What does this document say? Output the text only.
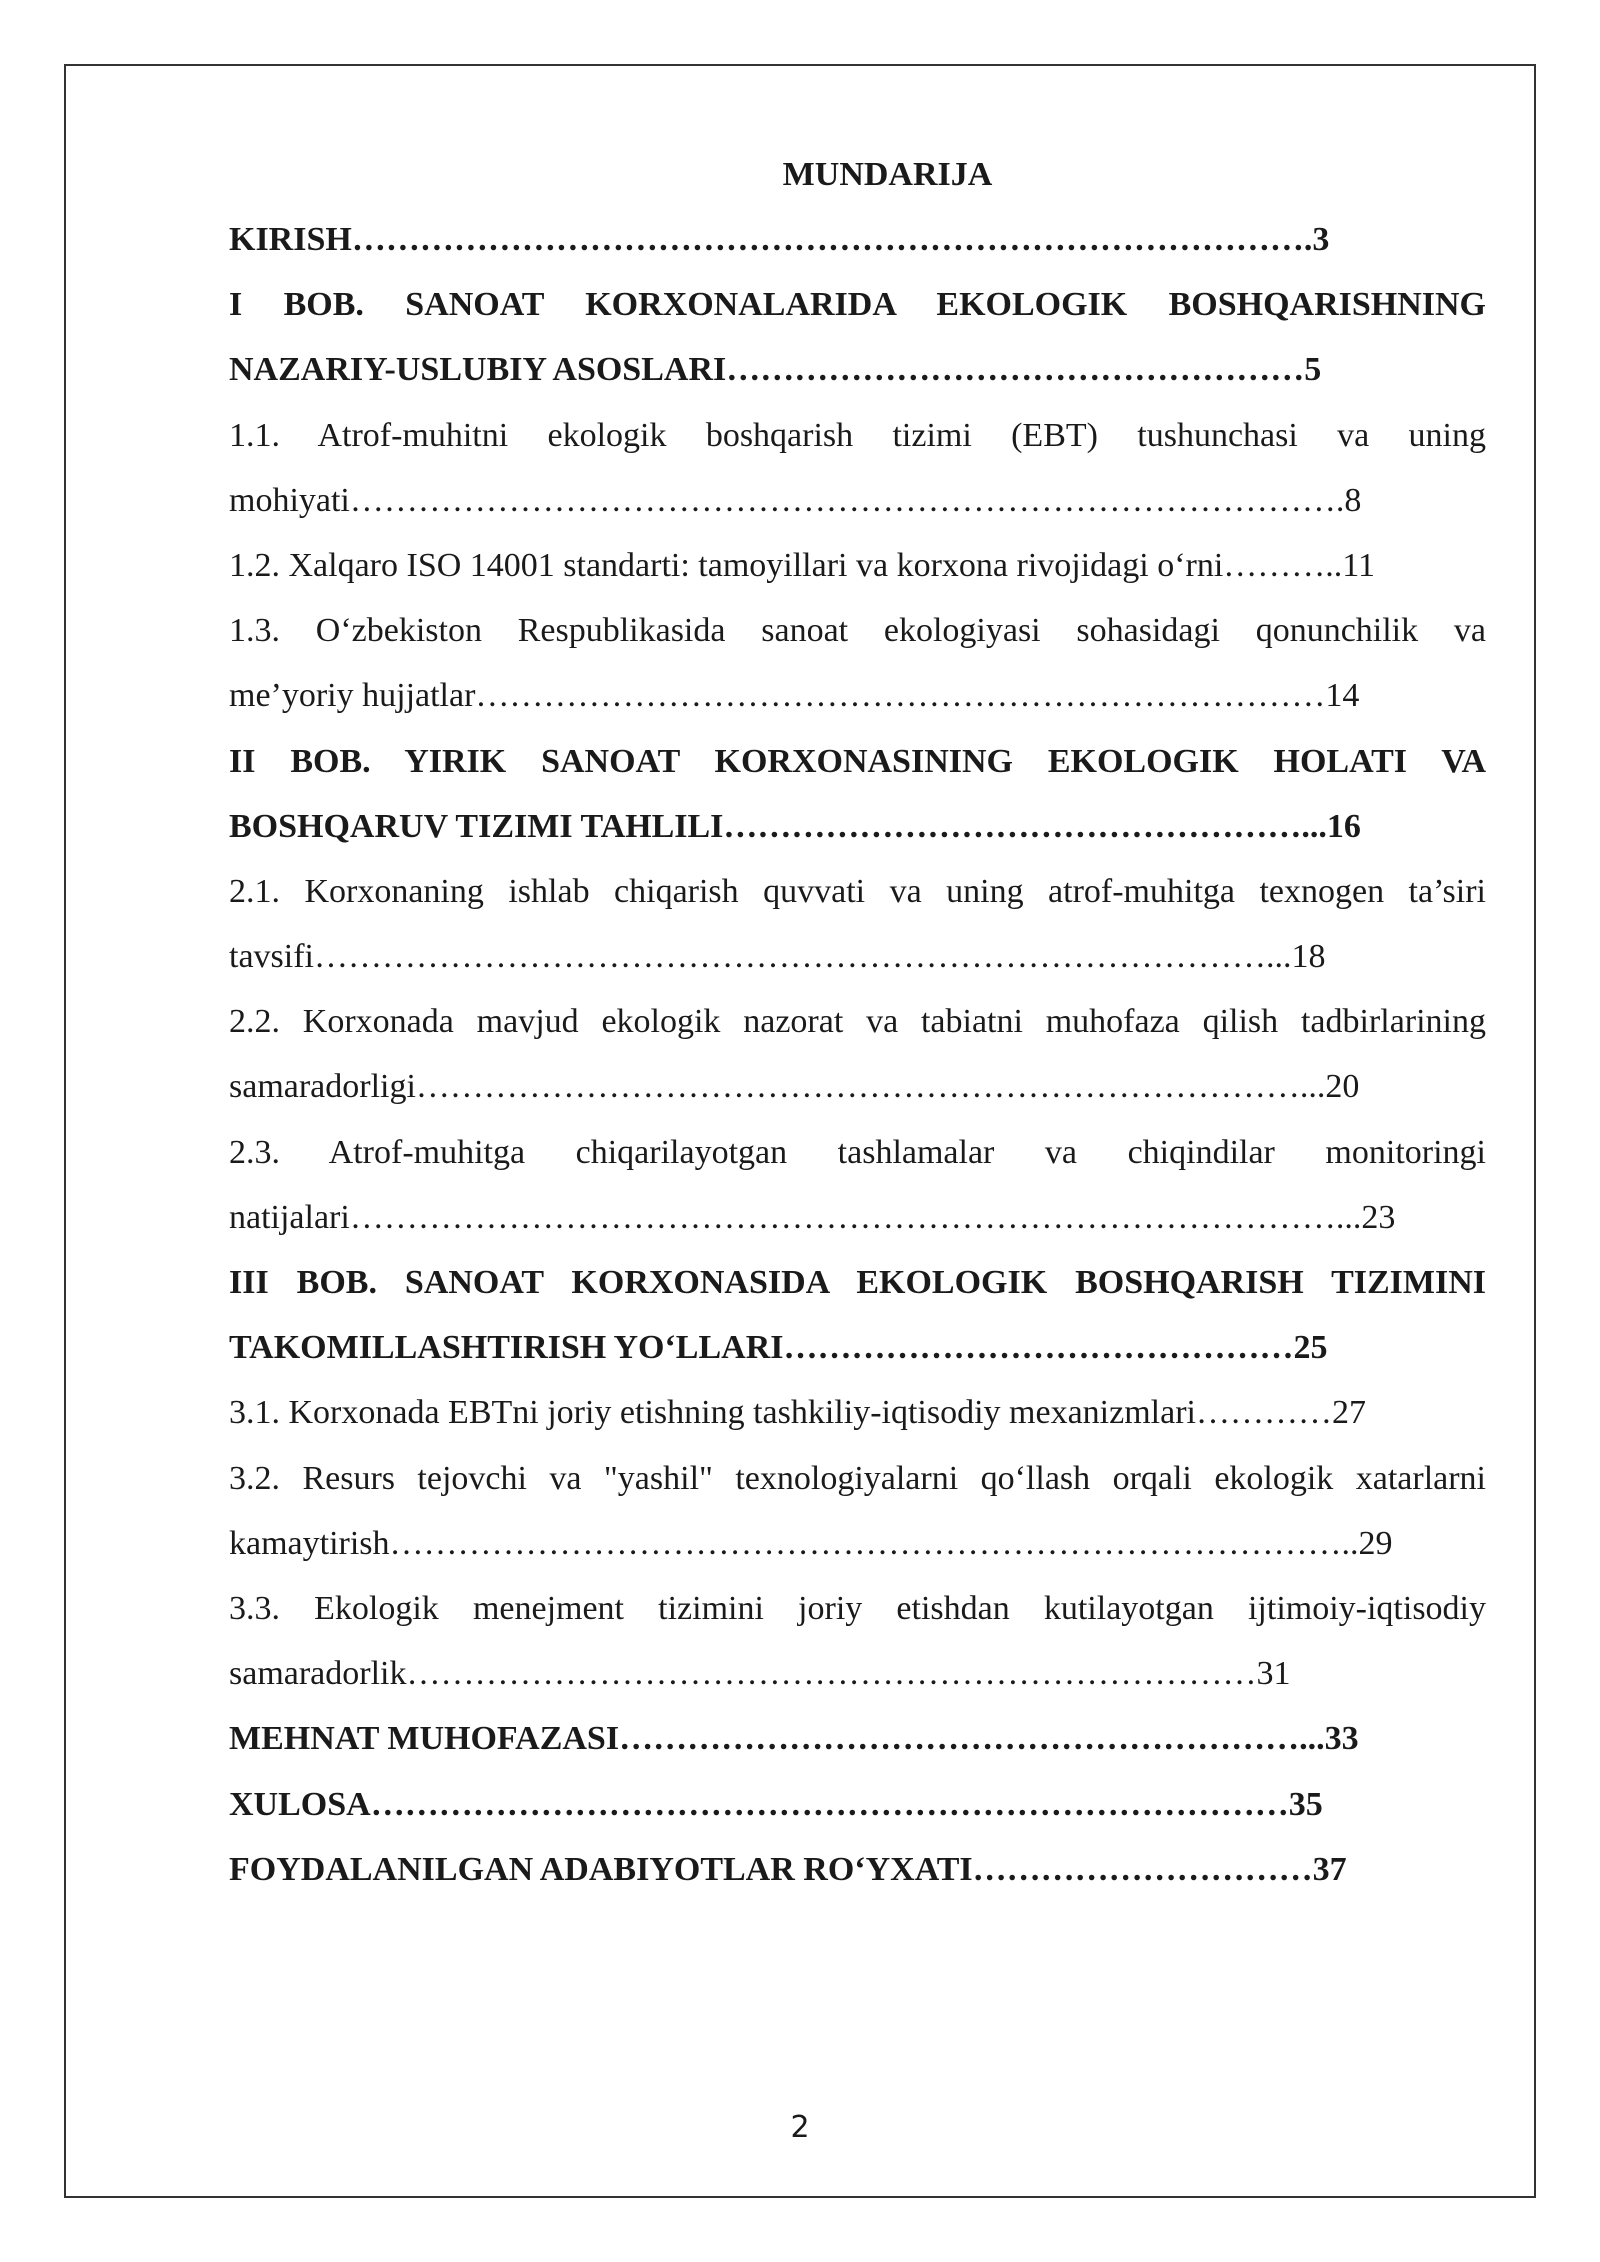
MUNDARIJA
KIRISH………………………………………………………………………….3
I BOB. SANOAT KORXONALARIDA EKOLOGIK BOSHQARISHNING
NAZARIY-USLUBIY ASOSLARI……………………………………………5
1.1. Atrof-muhitni ekologik boshqarish tizimi (EBT) tushunchasi va uning
mohiyati…………………………………………………………………………….8
1.2. Xalqaro ISO 14001 standarti: tamoyillari va korxona rivojidagi o‘rni………..11
1.3. O‘zbekiston Respublikasida sanoat ekologiyasi sohasidagi qonunchilik va
me’yoriy hujjatlar…………………………………………………………………14
II BOB. YIRIK SANOAT KORXONASINING EKOLOGIK HOLATI VA
BOSHQARUV TIZIMI TAHLILI……………………………………………...16
2.1. Korxonaning ishlab chiqarish quvvati va uning atrof-muhitga texnogen ta’siri
tavsifi…………………………………………………………………………...18
2.2. Korxonada mavjud ekologik nazorat va tabiatni muhofaza qilish tadbirlarining
samaradorligi……………………………………………………………………...20
2.3. Atrof-muhitga chiqarilayotgan tashlamalar va chiqindilar monitoringi
natijalari……………………………………………………………………………...23
III BOB. SANOAT KORXONASIDA EKOLOGIK BOSHQARISH TIZIMINI
TAKOMILLASHTIRISH YO‘LLARI………………………………………25
3.1. Korxonada EBTni joriy etishning tashkiliy-iqtisodiy mexanizmlari…………27
3.2. Resurs tejovchi va "yashil" texnologiyalarni qo‘llash orqali ekologik xatarlarni
kamaytirish…………………………………………………………………………..29
3.3. Ekologik menejment tizimini joriy etishdan kutilayotgan ijtimoiy-iqtisodiy
samaradorlik…………………………………………………………………31
MEHNAT MUHOFAZASI……………………………………………………...33
XULOSA………………………………………………………………………35
FOYDALANILGAN ADABIYOTLAR RO‘YXATI…………………………37
2
